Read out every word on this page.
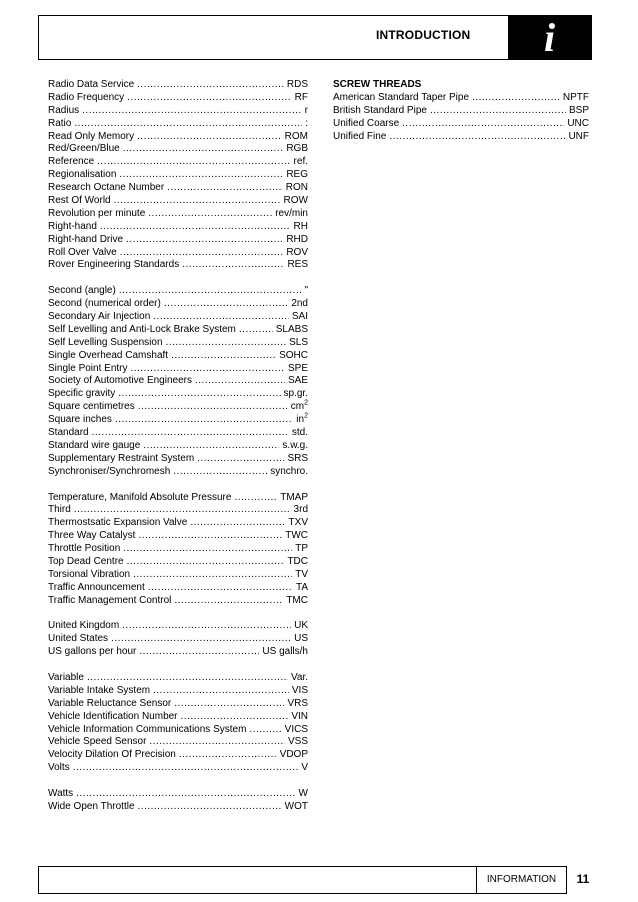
INTRODUCTION	i
Radio Data Service .....	RDS
Radio Frequency .....	RF
Radius .....	r
Ratio .....	:
Read Only Memory .....	ROM
Red/Green/Blue .....	RGB
Reference .....	ref.
Regionalisation .....	REG
Research Octane Number .....	RON
Rest Of World .....	ROW
Revolution per minute .....	rev/min
Right-hand .....	RH
Right-hand Drive .....	RHD
Roll Over Valve .....	ROV
Rover Engineering Standards .....	RES
Second (angle) .....	"
Second (numerical order) .....	2nd
Secondary Air Injection .....	SAI
Self Levelling and Anti-Lock Brake System .....	SLABS
Self Levelling Suspension .....	SLS
Single Overhead Camshaft .....	SOHC
Single Point Entry .....	SPE
Society of Automotive Engineers .....	SAE
Specific gravity .....	sp.gr.
Square centimetres .....	$cm^2$
Square inches .....	$in^2$
Standard .....	std.
Standard wire gauge .....	s.w.g.
Supplementary Restraint System .....	SRS
Synchroniser/Synchromesh .....	synchro.
Temperature, Manifold Absolute Pressure .....	TMAP
Third .....	3rd
Thermostsatic Expansion Valve .....	TXV
Three Way Catalyst .....	TWC
Throttle Position .....	TP
Top Dead Centre .....	TDC
Torsional Vibration .....	TV
Traffic Announcement .....	TA
Traffic Management Control .....	TMC
United Kingdom .....	UK
United States .....	US
US gallons per hour .....	US galls/h
Variable .....	Var.
Variable Intake System .....	VIS
Variable Reluctance Sensor .....	VRS
Vehicle Identification Number .....	VIN
Vehicle Information Communications System .....	VICS
Vehicle Speed Sensor .....	VSS
Velocity Dilation Of Precision .....	VDOP
Volts .....	V
Watts .....	W
Wide Open Throttle .....	WOT
SCREW THREADS
American Standard Taper Pipe .....	NPTF
British Standard Pipe .....	BSP
Unified Coarse .....	UNC
Unified Fine .....	UNF
INFORMATION	11
